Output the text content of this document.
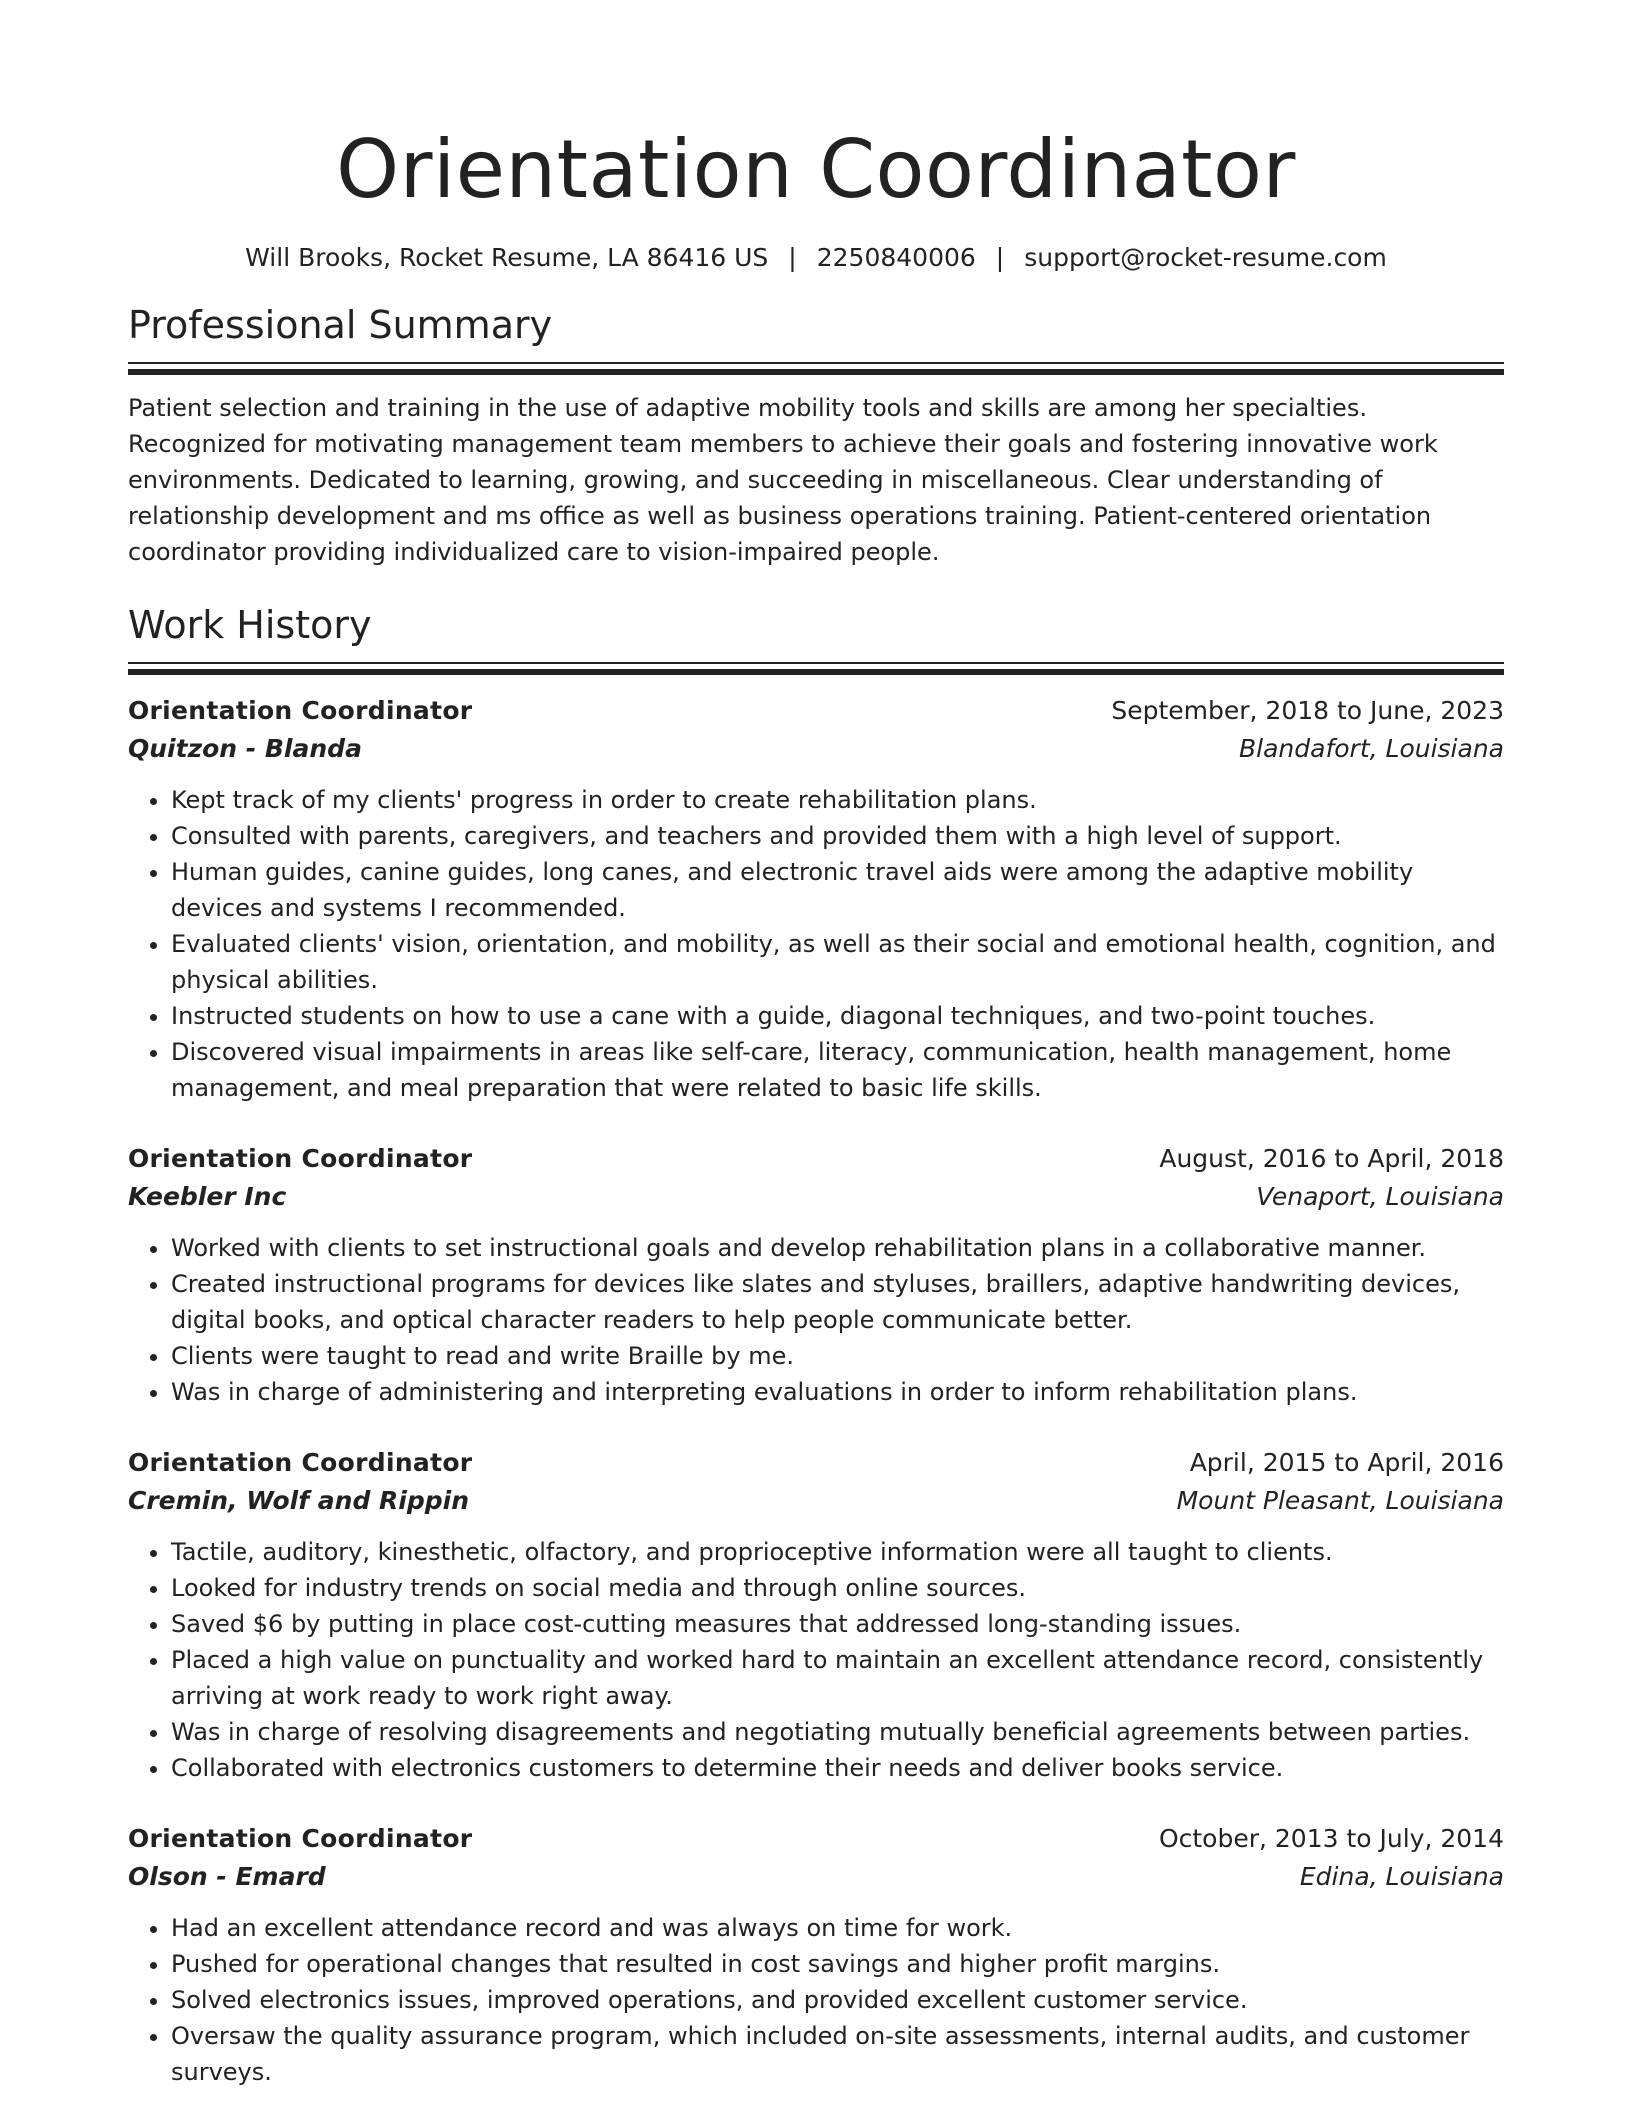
Orientation Coordinator
Will Brooks, Rocket Resume, LA 86416 US | 2250840006 | support@rocket-resume.com
Professional Summary

Patient selection and training in the use of adaptive mobility tools and skills are among her specialties. Recognized for motivating management team members to achieve their goals and fostering innovative work environments. Dedicated to learning, growing, and succeeding in miscellaneous. Clear understanding of relationship development and ms office as well as business operations training. Patient-centered orientation coordinator providing individualized care to vision-impaired people.

Work History
Orientation Coordinator	September, 2018 to June, 2023
Quitzon - Blanda	Blandafort, Louisiana
• Kept track of my clients' progress in order to create rehabilitation plans.
• Consulted with parents, caregivers, and teachers and provided them with a high level of support.
• Human guides, canine guides, long canes, and electronic travel aids were among the adaptive mobility devices and systems I recommended.
• Evaluated clients' vision, orientation, and mobility, as well as their social and emotional health, cognition, and physical abilities.
• Instructed students on how to use a cane with a guide, diagonal techniques, and two-point touches.
• Discovered visual impairments in areas like self-care, literacy, communication, health management, home management, and meal preparation that were related to basic life skills.
Orientation Coordinator	August, 2016 to April, 2018
Keebler Inc	Venaport, Louisiana
• Worked with clients to set instructional goals and develop rehabilitation plans in a collaborative manner.
• Created instructional programs for devices like slates and styluses, braillers, adaptive handwriting devices, digital books, and optical character readers to help people communicate better.
• Clients were taught to read and write Braille by me.
• Was in charge of administering and interpreting evaluations in order to inform rehabilitation plans.
Orientation Coordinator	April, 2015 to April, 2016
Cremin, Wolf and Rippin	Mount Pleasant, Louisiana
• Tactile, auditory, kinesthetic, olfactory, and proprioceptive information were all taught to clients.
• Looked for industry trends on social media and through online sources.
• Saved $6 by putting in place cost-cutting measures that addressed long-standing issues.
• Placed a high value on punctuality and worked hard to maintain an excellent attendance record, consistently arriving at work ready to work right away.
• Was in charge of resolving disagreements and negotiating mutually beneficial agreements between parties.
• Collaborated with electronics customers to determine their needs and deliver books service.
Orientation Coordinator	October, 2013 to July, 2014
Olson - Emard	Edina, Louisiana
• Had an excellent attendance record and was always on time for work.
• Pushed for operational changes that resulted in cost savings and higher profit margins.
• Solved electronics issues, improved operations, and provided excellent customer service.
• Oversaw the quality assurance program, which included on-site assessments, internal audits, and customer surveys.
